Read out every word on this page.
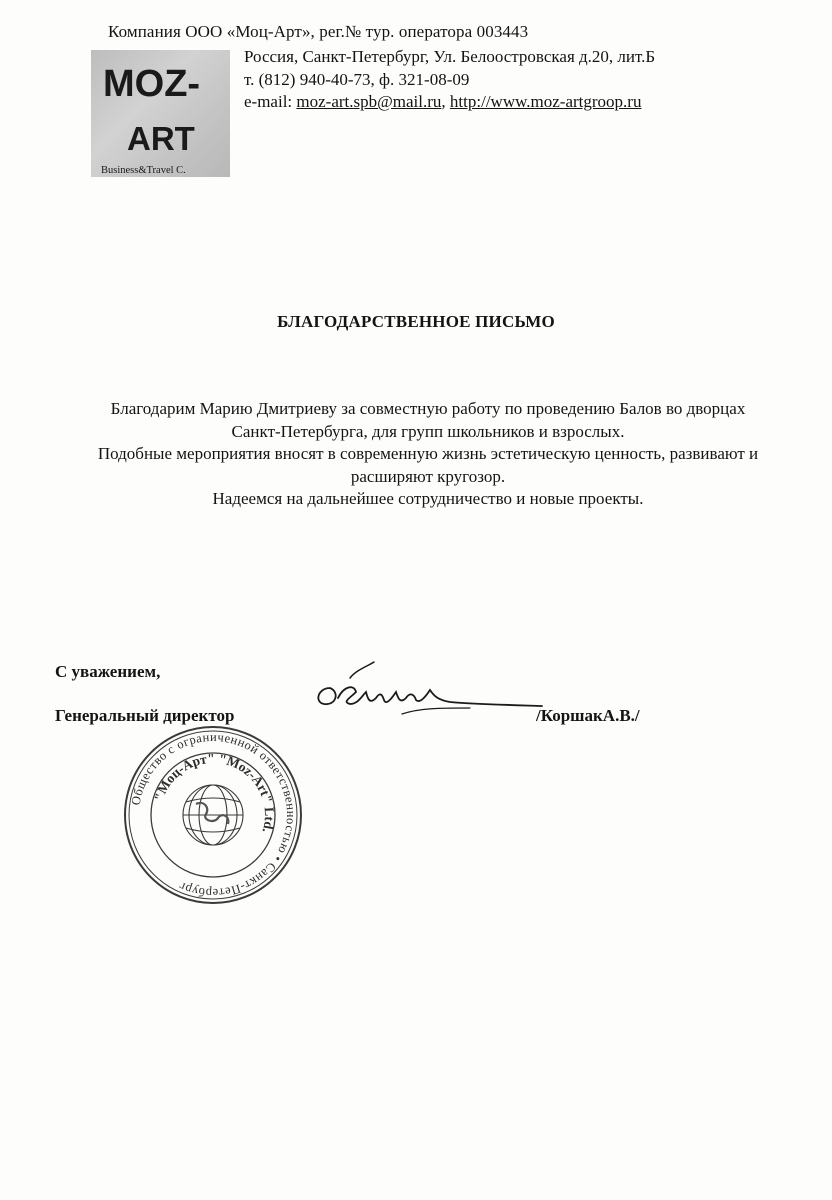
MOZ-
ART
Business&Travel C.
Компания ООО «Моц-Арт», рег.№ тур. оператора 003443
Россия, Санкт-Петербург, Ул. Белоостровская д.20, лит.Б
т. (812) 940-40-73, ф. 321-08-09
e-mail: moz-art.spb@mail.ru, http://www.moz-artgroop.ru
БЛАГОДАРСТВЕННОЕ ПИСЬМО
Благодарим Марию Дмитриеву за совместную работу по проведению Балов во дворцах
Санкт-Петербурга, для групп школьников и взрослых.
Подобные мероприятия вносят в современную жизнь эстетическую ценность, развивают и
расширяют кругозор.
Надеемся на дальнейшее сотрудничество и новые проекты.
С уважением,
Генеральный директор	/КоршакА.В./
Общество с ограниченной ответственностью • Санкт-Петербург
"Моц-Арт" "Moz-Art" Ltd.
